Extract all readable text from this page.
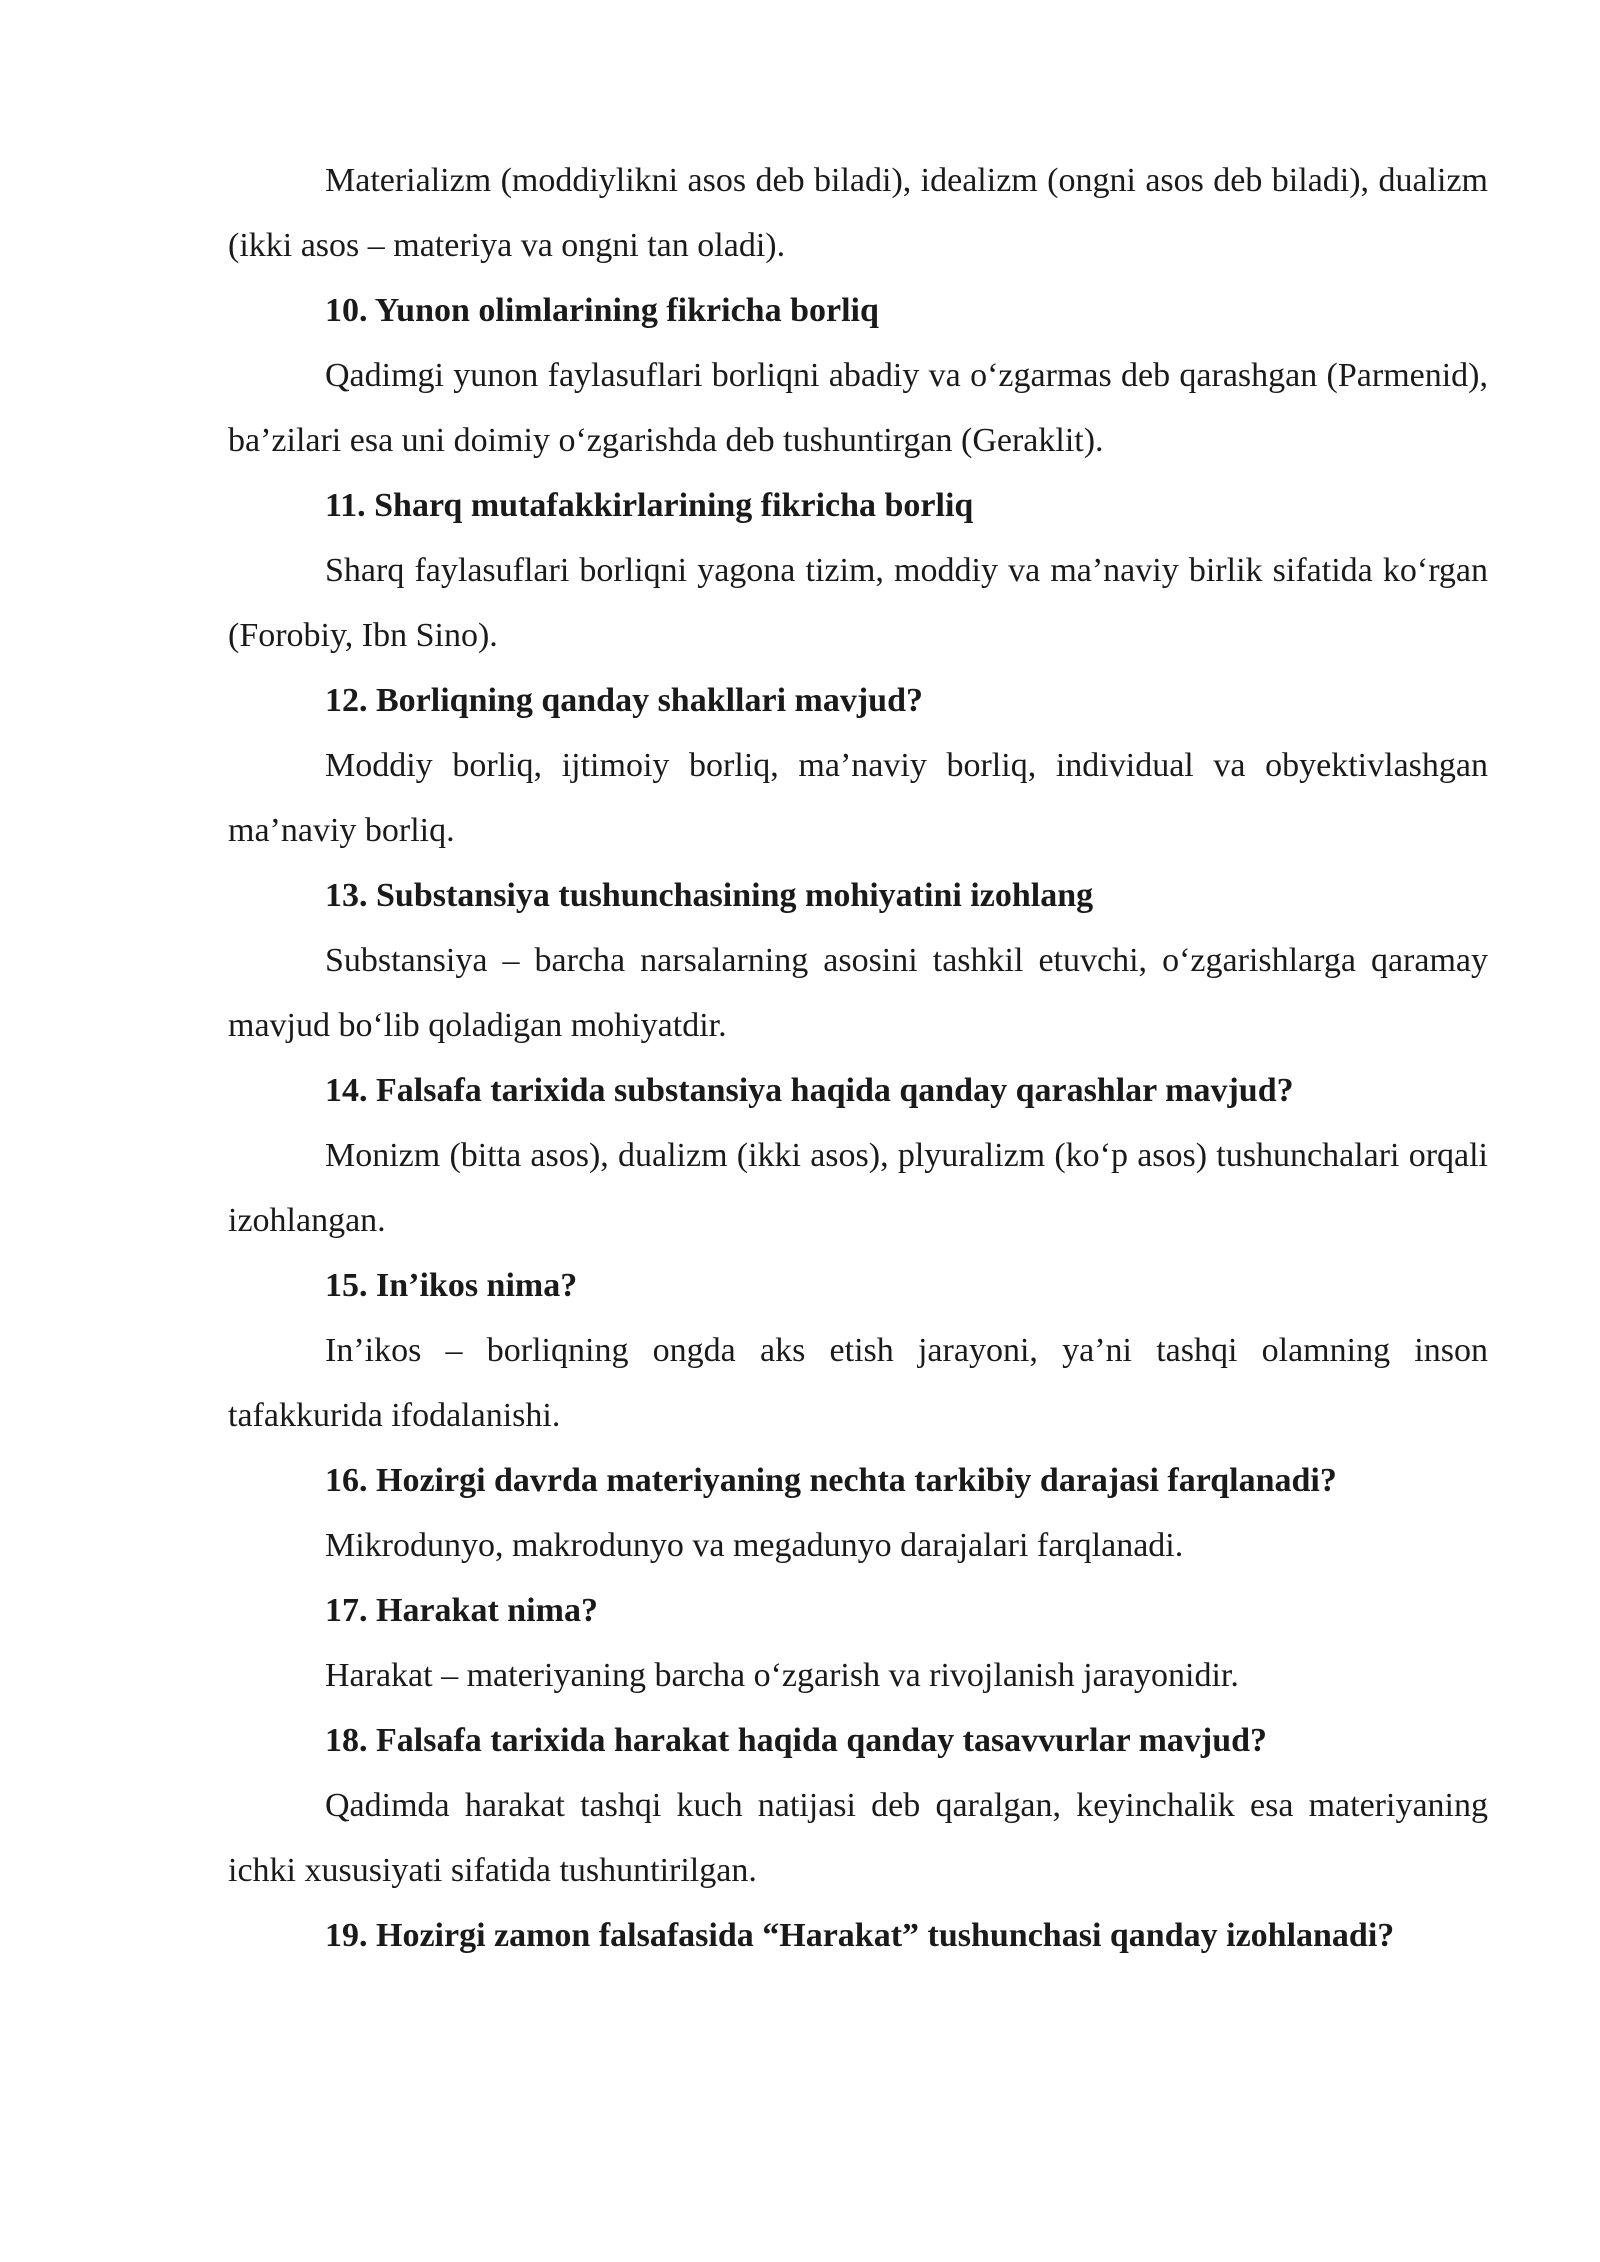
Materializm (moddiylikni asos deb biladi), idealizm (ongni asos deb biladi), dualizm (ikki asos – materiya va ongni tan oladi).

10. Yunon olimlarining fikricha borliq

Qadimgi yunon faylasuflari borliqni abadiy va o‘zgarmas deb qarashgan (Parmenid), ba’zilari esa uni doimiy o‘zgarishda deb tushuntirgan (Geraklit).

11. Sharq mutafakkirlarining fikricha borliq

Sharq faylasuflari borliqni yagona tizim, moddiy va ma’naviy birlik sifatida ko‘rgan (Forobiy, Ibn Sino).

12. Borliqning qanday shakllari mavjud?

Moddiy borliq, ijtimoiy borliq, ma’naviy borliq, individual va obyektivlashgan ma’naviy borliq.

13. Substansiya tushunchasining mohiyatini izohlang

Substansiya – barcha narsalarning asosini tashkil etuvchi, o‘zgarishlarga qaramay mavjud bo‘lib qoladigan mohiyatdir.

14. Falsafa tarixida substansiya haqida qanday qarashlar mavjud?

Monizm (bitta asos), dualizm (ikki asos), plyuralizm (ko‘p asos) tushunchalari orqali izohlangan.

15. In’ikos nima?

In’ikos – borliqning ongda aks etish jarayoni, ya’ni tashqi olamning inson tafakkurida ifodalanishi.

16. Hozirgi davrda materiyaning nechta tarkibiy darajasi farqlanadi?

Mikrodunyo, makrodunyo va megadunyo darajalari farqlanadi.

17. Harakat nima?

Harakat – materiyaning barcha o‘zgarish va rivojlanish jarayonidir.

18. Falsafa tarixida harakat haqida qanday tasavvurlar mavjud?

Qadimda harakat tashqi kuch natijasi deb qaralgan, keyinchalik esa materiyaning ichki xususiyati sifatida tushuntirilgan.

19. Hozirgi zamon falsafasida “Harakat” tushunchasi qanday izohlanadi?
